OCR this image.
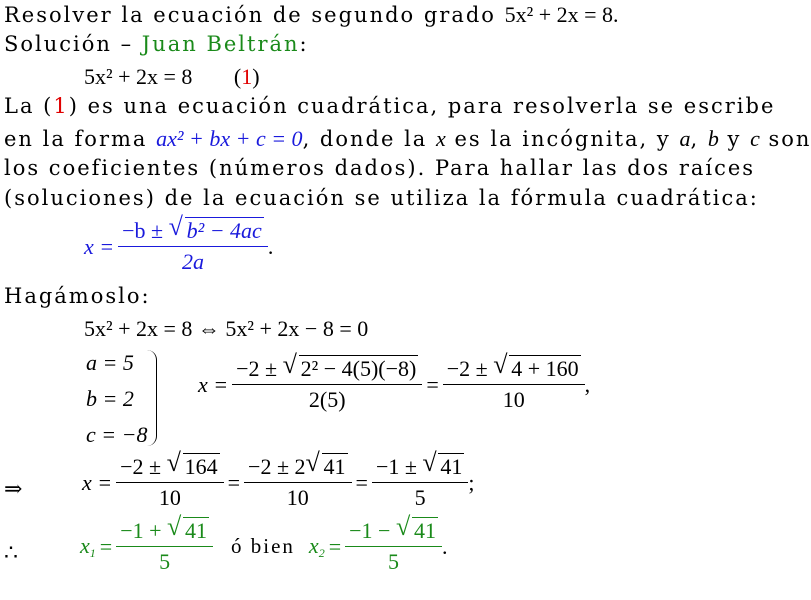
Resolver la ecuación de segundo grado 5x² + 2x = 8.
Solución – Juan Beltrán:
5x² + 2x = 8 (1)
La (1) es una ecuación cuadrática, para resolverla se escribe
en la forma ax² + bx + c = 0, donde la x es la incógnita, y a, b y c son
los coeficientes (números dados). Para hallar las dos raíces
(soluciones) de la ecuación se utiliza la fórmula cuadrática:
$x = \frac{\text{−b ± √ b² − 4ac}}{2a}$ .
Hagámoslo:
5x² + 2x = 8 ⇔ 5x² + 2x − 8 = 0
a = 5
b = 2
c = −8
$x = \frac{\text{−2 ± √ 2² − 4(5)(−8)}}{2(5)} = \frac{-2 \pm √ 4 + 160}{10}$ ,
⇒	$x = \frac{-2 \pm √ 164}{10} = \frac{-2 \pm 2 √ 41}{10} = \frac{-1 \pm √ 41}{5}$ ;
∴	$x_1 = \frac{-1 + √ 41}{5}$ ó bien $x_2 = \frac{-1 - √ 41}{5}$ .
